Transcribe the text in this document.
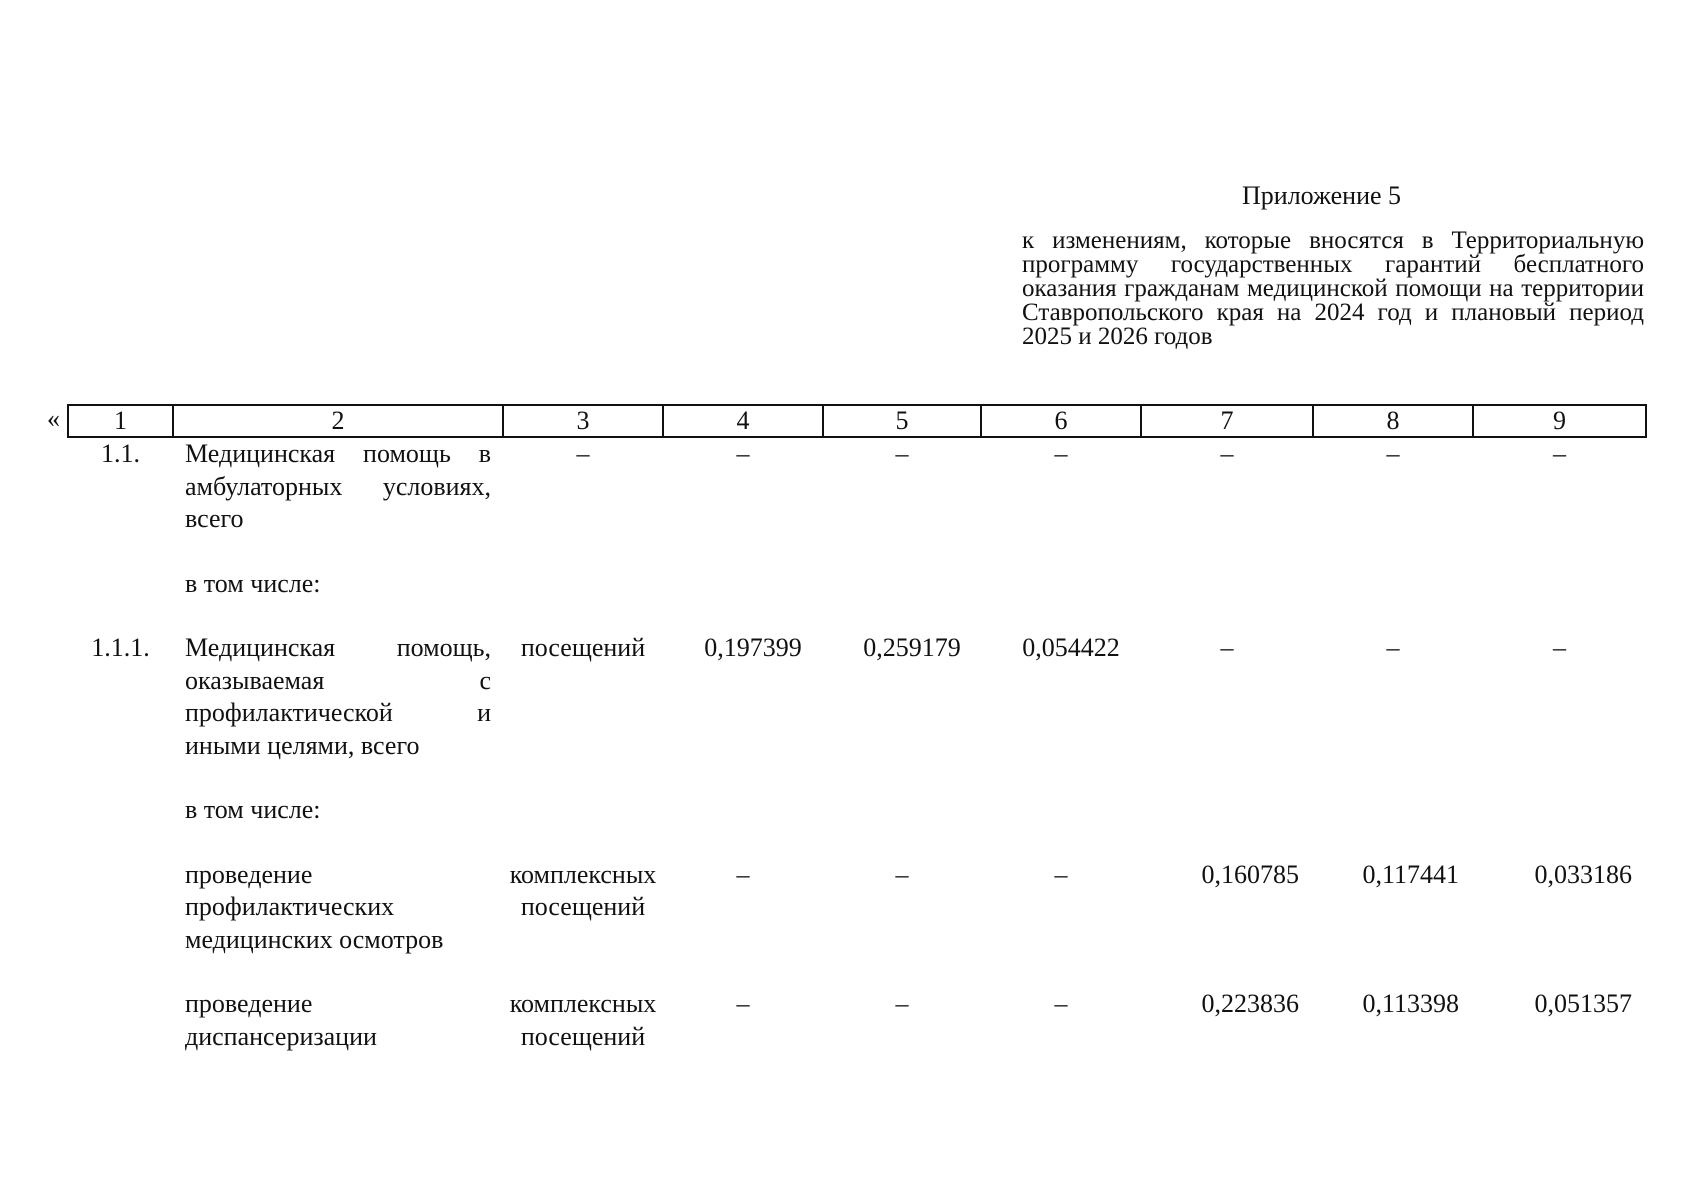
Приложение 5
к изменениям, которые вносятся в Территориальную программу государственных гарантий бесплатного оказания гражданам медицинской помощи на территории Ставропольского края на 2024 год и плановый период 2025 и 2026 годов
« 1	2	3	4	5	6	7	8	9
1.1.	Медицинская помощь в амбулаторных условиях, всего	–	–	–	–	–	–	–

	в том числе:							

1.1.1.	Медицинская помощь, оказываемая с профилактической и иными целями, всего	посещений	0,197399	0,259179	0,054422	–	–	–

	в том числе:							

	проведение профилактических медицинских осмотров	комплексных посещений	–	–	–	0,160785	0,117441	0,033186

	проведение диспансеризации	комплексных посещений	–	–	–	0,223836	0,113398	0,051357
